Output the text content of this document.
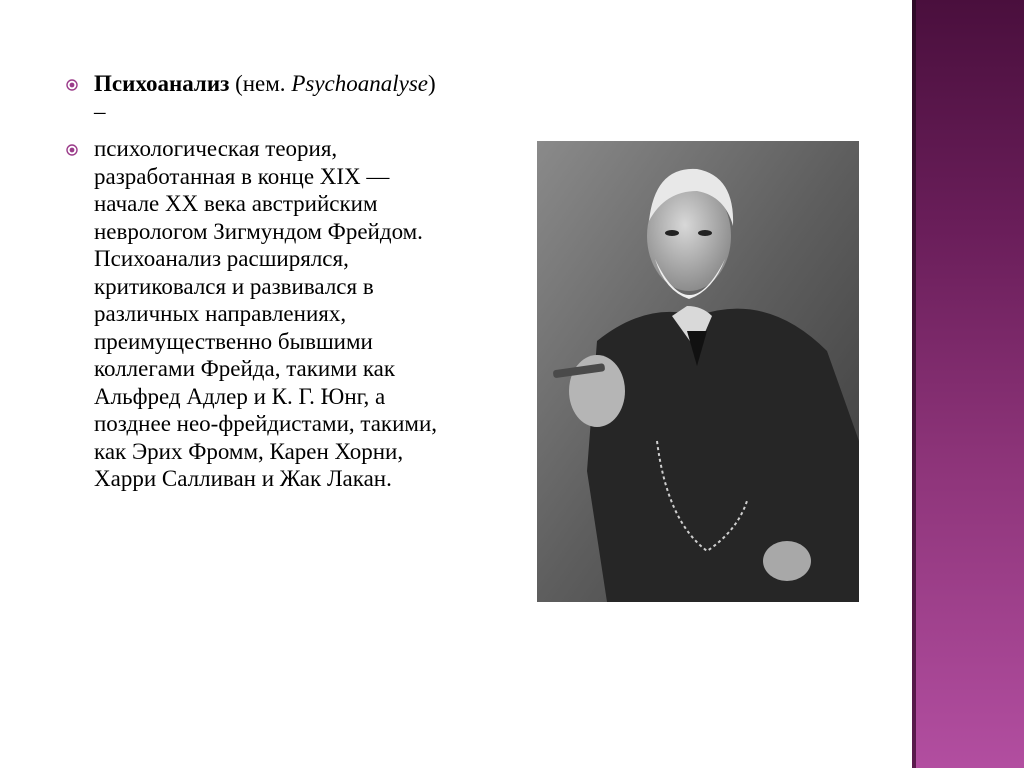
Психоанализ (нем. Psychoanalyse) –
психологическая теория, разработанная в конце XIX — начале XX века австрийским неврологом Зигмундом Фрейдом. Психоанализ расширялся, критиковался и развивался в различных направлениях, преимущественно бывшими коллегами Фрейда, такими как Альфред Адлер и К. Г. Юнг, а позднее нео-фрейдистами, такими, как Эрих Фромм, Карен Хорни, Харри Салливан и Жак Лакан.
